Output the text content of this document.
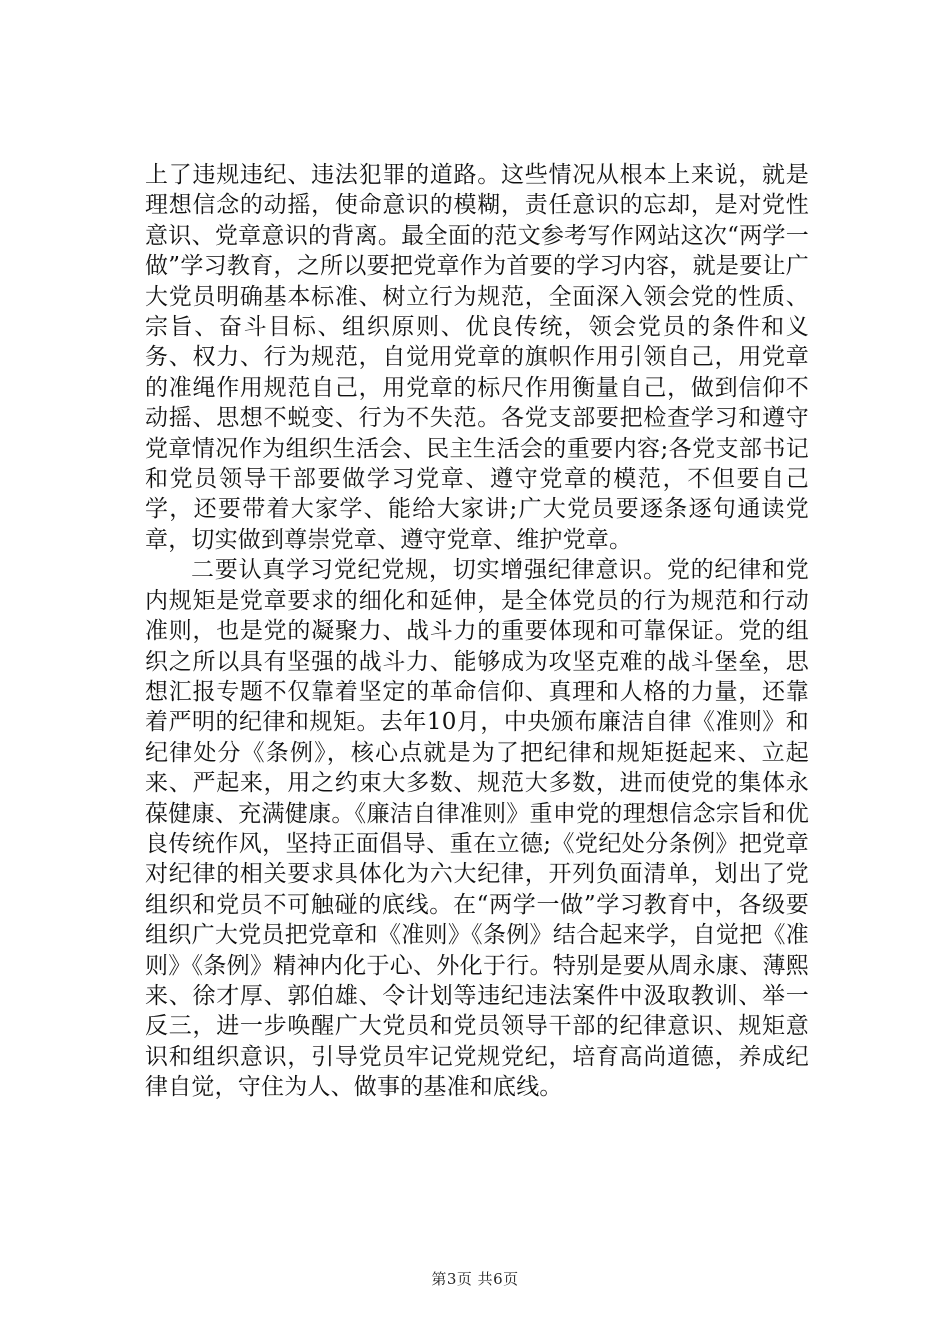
上了违规违纪、违法犯罪的道路。这些情况从根本上来说，就是理想信念的动摇，使命意识的模糊，责任意识的忘却，是对党性意识、党章意识的背离。最全面的范文参考写作网站这次“两学一做”学习教育，之所以要把党章作为首要的学习内容，就是要让广大党员明确基本标准、树立行为规范，全面深入领会党的性质、宗旨、奋斗目标、组织原则、优良传统，领会党员的条件和义务、权力、行为规范，自觉用党章的旗帜作用引领自己，用党章的准绳作用规范自己，用党章的标尺作用衡量自己，做到信仰不动摇、思想不蜕变、行为不失范。各党支部要把检查学习和遵守党章情况作为组织生活会、民主生活会的重要内容;各党支部书记和党员领导干部要做学习党章、遵守党章的模范，不但要自己学，还要带着大家学、能给大家讲;广大党员要逐条逐句通读党章，切实做到尊崇党章、遵守党章、维护党章。

二要认真学习党纪党规，切实增强纪律意识。党的纪律和党内规矩是党章要求的细化和延伸，是全体党员的行为规范和行动准则，也是党的凝聚力、战斗力的重要体现和可靠保证。党的组织之所以具有坚强的战斗力、能够成为攻坚克难的战斗堡垒，思想汇报专题不仅靠着坚定的革命信仰、真理和人格的力量，还靠着严明的纪律和规矩。去年10月，中央颁布廉洁自律《准则》和纪律处分《条例》，核心点就是为了把纪律和规矩挺起来、立起来、严起来，用之约束大多数、规范大多数，进而使党的集体永葆健康、充满健康。《廉洁自律准则》重申党的理想信念宗旨和优良传统作风，坚持正面倡导、重在立德;《党纪处分条例》把党章对纪律的相关要求具体化为六大纪律，开列负面清单，划出了党组织和党员不可触碰的底线。在“两学一做”学习教育中，各级要组织广大党员把党章和《准则》《条例》结合起来学，自觉把《准则》《条例》精神内化于心、外化于行。特别是要从周永康、薄熙来、徐才厚、郭伯雄、令计划等违纪违法案件中汲取教训、举一反三，进一步唤醒广大党员和党员领导干部的纪律意识、规矩意识和组织意识，引导党员牢记党规党纪，培育高尚道德，养成纪律自觉，守住为人、做事的基准和底线。

第3页 共6页
